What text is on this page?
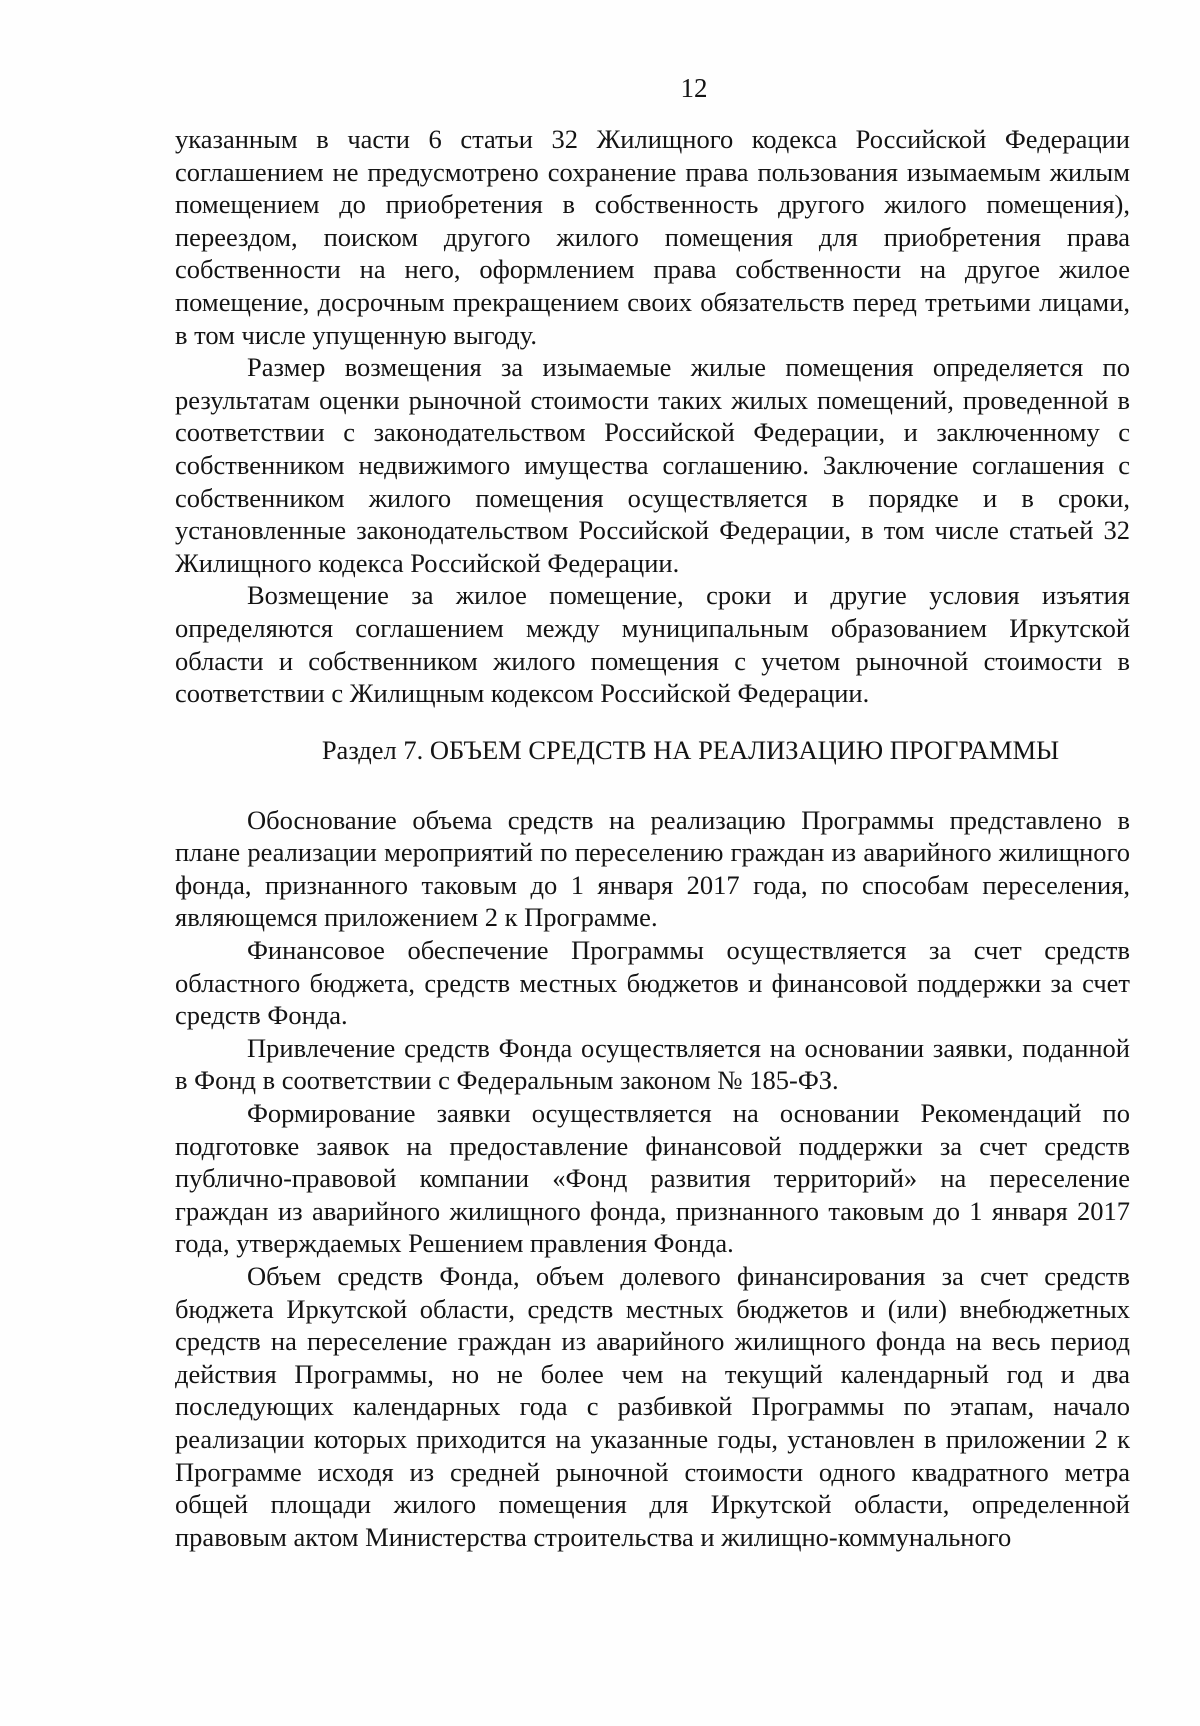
12

указанным в части 6 статьи 32 Жилищного кодекса Российской Федерации соглашением не предусмотрено сохранение права пользования изымаемым жилым помещением до приобретения в собственность другого жилого помещения), переездом, поиском другого жилого помещения для приобретения права собственности на него, оформлением права собственности на другое жилое помещение, досрочным прекращением своих обязательств перед третьими лицами, в том числе упущенную выгоду.

Размер возмещения за изымаемые жилые помещения определяется по результатам оценки рыночной стоимости таких жилых помещений, проведенной в соответствии с законодательством Российской Федерации, и заключенному с собственником недвижимого имущества соглашению. Заключение соглашения с собственником жилого помещения осуществляется в порядке и в сроки, установленные законодательством Российской Федерации, в том числе статьей 32 Жилищного кодекса Российской Федерации.

Возмещение за жилое помещение, сроки и другие условия изъятия определяются соглашением между муниципальным образованием Иркутской области и собственником жилого помещения с учетом рыночной стоимости в соответствии с Жилищным кодексом Российской Федерации.

Раздел 7. ОБЪЕМ СРЕДСТВ НА РЕАЛИЗАЦИЮ ПРОГРАММЫ

Обоснование объема средств на реализацию Программы представлено в плане реализации мероприятий по переселению граждан из аварийного жилищного фонда, признанного таковым до 1 января 2017 года, по способам переселения, являющемся приложением 2 к Программе.

Финансовое обеспечение Программы осуществляется за счет средств областного бюджета, средств местных бюджетов и финансовой поддержки за счет средств Фонда.

Привлечение средств Фонда осуществляется на основании заявки, поданной в Фонд в соответствии с Федеральным законом № 185-ФЗ.

Формирование заявки осуществляется на основании Рекомендаций по подготовке заявок на предоставление финансовой поддержки за счет средств публично-правовой компании «Фонд развития территорий» на переселение граждан из аварийного жилищного фонда, признанного таковым до 1 января 2017 года, утверждаемых Решением правления Фонда.

Объем средств Фонда, объем долевого финансирования за счет средств бюджета Иркутской области, средств местных бюджетов и (или) внебюджетных средств на переселение граждан из аварийного жилищного фонда на весь период действия Программы, но не более чем на текущий календарный год и два последующих календарных года с разбивкой Программы по этапам, начало реализации которых приходится на указанные годы, установлен в приложении 2 к Программе исходя из средней рыночной стоимости одного квадратного метра общей площади жилого помещения для Иркутской области, определенной правовым актом Министерства строительства и жилищно-коммунального
